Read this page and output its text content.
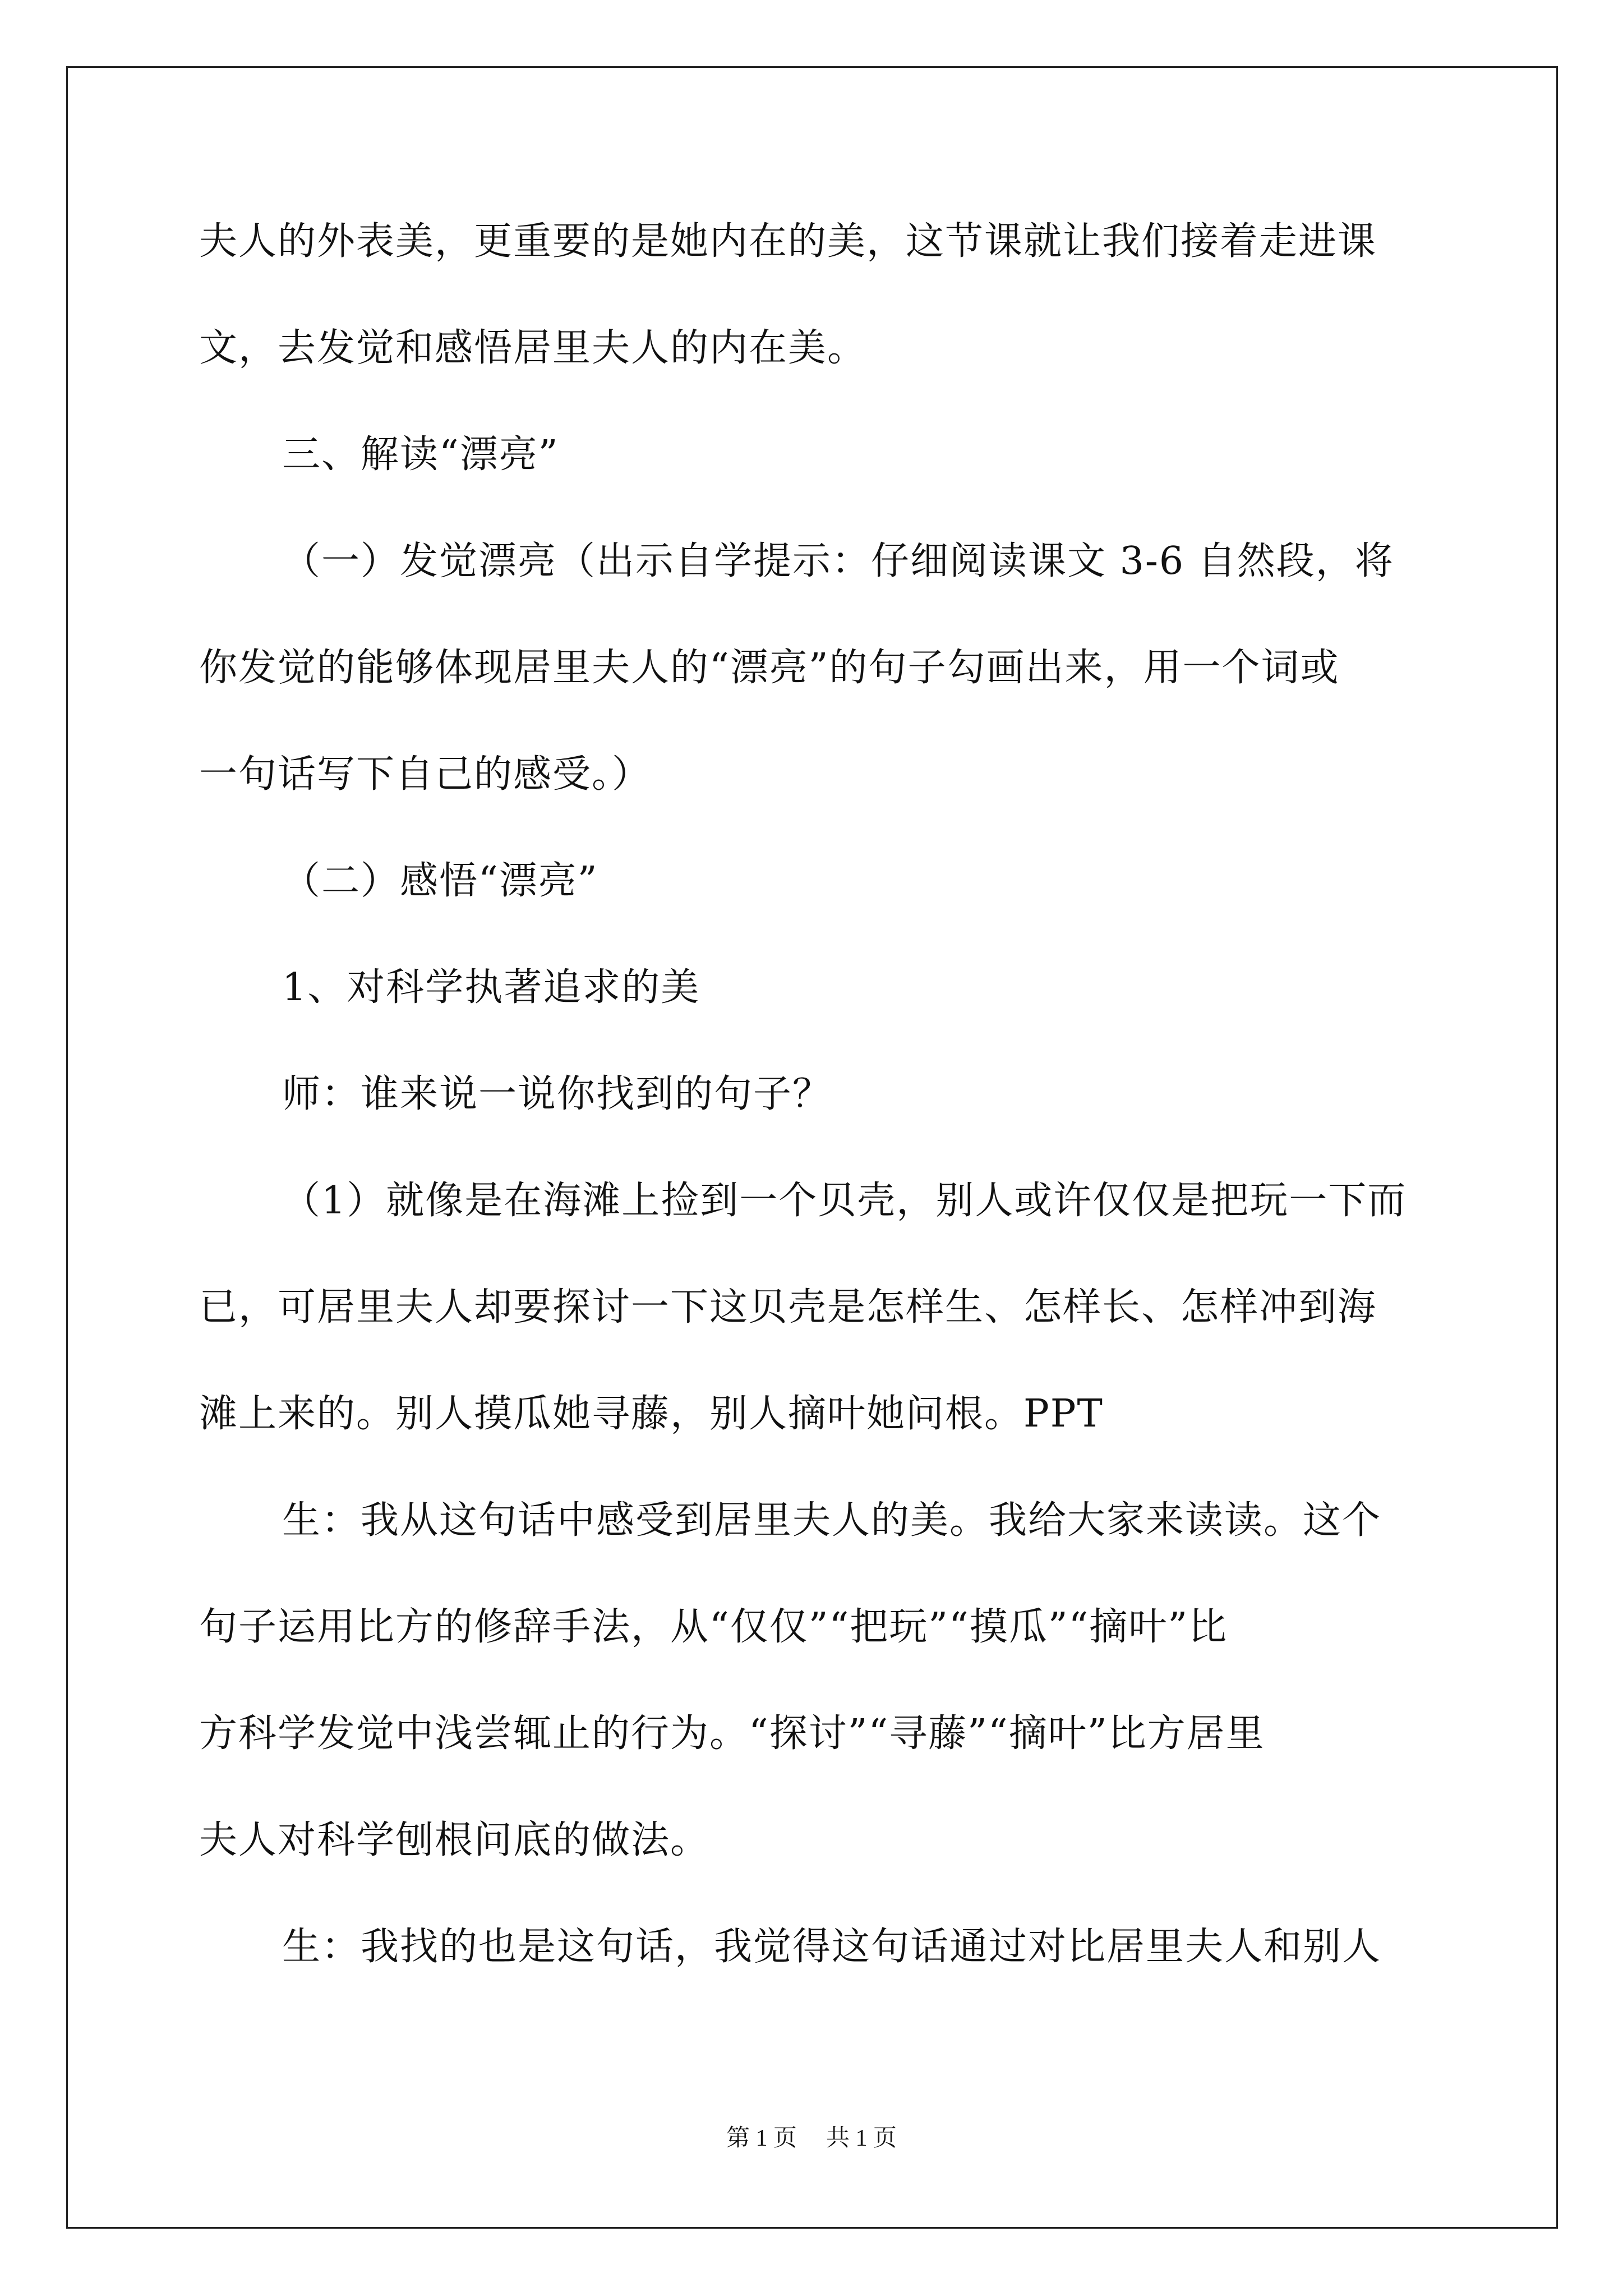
夫人的外表美，更重要的是她内在的美，这节课就让我们接着走进课
文，去发觉和感悟居里夫人的内在美。
三、解读“漂亮”
（一）发觉漂亮（出示自学提示：仔细阅读课文 3-6 自然段，将
你发觉的能够体现居里夫人的“漂亮”的句子勾画出来，用一个词或
一句话写下自己的感受。）
（二）感悟“漂亮”
1、对科学执著追求的美
师：谁来说一说你找到的句子？
（1）就像是在海滩上捡到一个贝壳，别人或许仅仅是把玩一下而
已，可居里夫人却要探讨一下这贝壳是怎样生、怎样长、怎样冲到海
滩上来的。别人摸瓜她寻藤，别人摘叶她问根。PPT
生：我从这句话中感受到居里夫人的美。我给大家来读读。这个
句子运用比方的修辞手法，从“仅仅”“把玩”“摸瓜”“摘叶”比
方科学发觉中浅尝辄止的行为。“探讨”“寻藤”“摘叶”比方居里
夫人对科学刨根问底的做法。
生：我找的也是这句话，我觉得这句话通过对比居里夫人和别人
第 1 页 共 1 页
